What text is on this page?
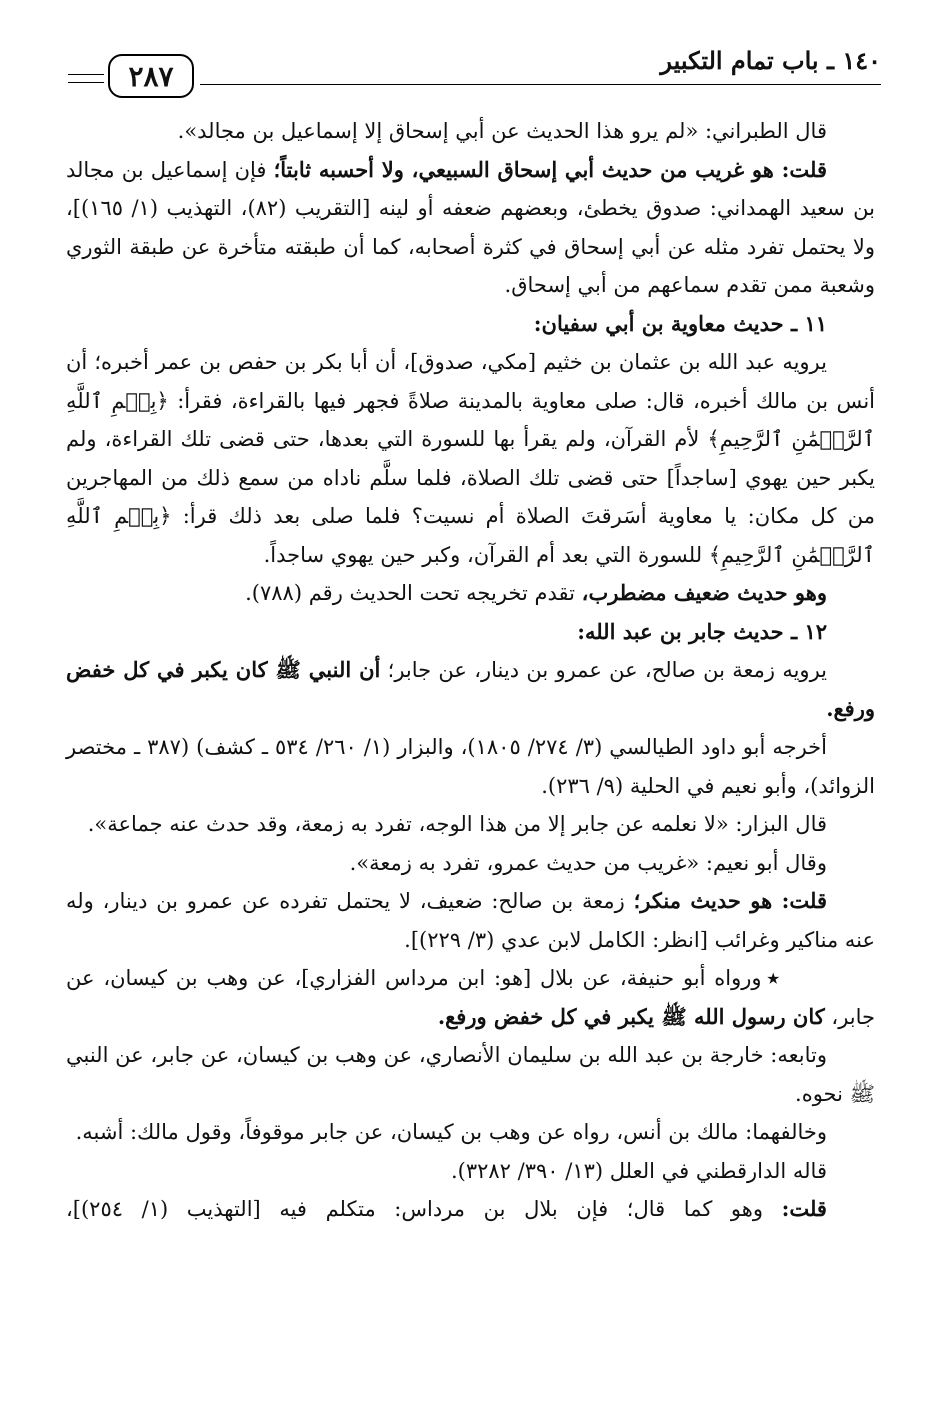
١٤٠ ـ باب تمام التكبير
٢٨٧

قال الطبراني: «لم يرو هذا الحديث عن أبي إسحاق إلا إسماعيل بن مجالد».

قلت: هو غريب من حديث أبي إسحاق السبيعي، ولا أحسبه ثابتاً؛ فإن إسماعيل بن مجالد بن سعيد الهمداني: صدوق يخطئ، وبعضهم ضعفه أو لينه [التقريب (٨٢)، التهذيب (١/ ١٦٥)]، ولا يحتمل تفرد مثله عن أبي إسحاق في كثرة أصحابه، كما أن طبقته متأخرة عن طبقة الثوري وشعبة ممن تقدم سماعهم من أبي إسحاق.

١١ ـ حديث معاوية بن أبي سفيان:

يرويه عبد الله بن عثمان بن خثيم [مكي، صدوق]، أن أبا بكر بن حفص بن عمر أخبره؛ أن أنس بن مالك أخبره، قال: صلى معاوية بالمدينة صلاةً فجهر فيها بالقراءة، فقرأ: ﴿بِسۡمِ ٱللَّهِ ٱلرَّحۡمَٰنِ ٱلرَّحِيمِ﴾ لأم القرآن، ولم يقرأ بها للسورة التي بعدها، حتى قضى تلك القراءة، ولم يكبر حين يهوي [ساجداً] حتى قضى تلك الصلاة، فلما سلَّم ناداه من سمع ذلك من المهاجرين من كل مكان: يا معاوية أسَرقتَ الصلاة أم نسيت؟ فلما صلى بعد ذلك قرأ: ﴿بِسۡمِ ٱللَّهِ ٱلرَّحۡمَٰنِ ٱلرَّحِيمِ﴾ للسورة التي بعد أم القرآن، وكبر حين يهوي ساجداً.

وهو حديث ضعيف مضطرب، تقدم تخريجه تحت الحديث رقم (٧٨٨).

١٢ ـ حديث جابر بن عبد الله:

يرويه زمعة بن صالح، عن عمرو بن دينار، عن جابر؛ أن النبي ﷺ كان يكبر في كل خفض ورفع.

أخرجه أبو داود الطيالسي (٣/ ٢٧٤/ ١٨٠٥)، والبزار (١/ ٢٦٠/ ٥٣٤ ـ كشف) (٣٨٧ ـ مختصر الزوائد)، وأبو نعيم في الحلية (٩/ ٢٣٦).

قال البزار: «لا نعلمه عن جابر إلا من هذا الوجه، تفرد به زمعة، وقد حدث عنه جماعة».

وقال أبو نعيم: «غريب من حديث عمرو، تفرد به زمعة».

قلت: هو حديث منكر؛ زمعة بن صالح: ضعيف، لا يحتمل تفرده عن عمرو بن دينار، وله عنه مناكير وغرائب [انظر: الكامل لابن عدي (٣/ ٢٢٩)].

٭ورواه أبو حنيفة، عن بلال [هو: ابن مرداس الفزاري]، عن وهب بن كيسان، عن جابر، كان رسول الله ﷺ يكبر في كل خفض ورفع.

وتابعه: خارجة بن عبد الله بن سليمان الأنصاري، عن وهب بن كيسان، عن جابر، عن النبي ﷺ نحوه.

وخالفهما: مالك بن أنس، رواه عن وهب بن كيسان، عن جابر موقوفاً، وقول مالك: أشبه.

قاله الدارقطني في العلل (١٣/ ٣٩٠/ ٣٢٨٢).

قلت: وهو كما قال؛ فإن بلال بن مرداس: متكلم فيه [التهذيب (١/ ٢٥٤)]،
